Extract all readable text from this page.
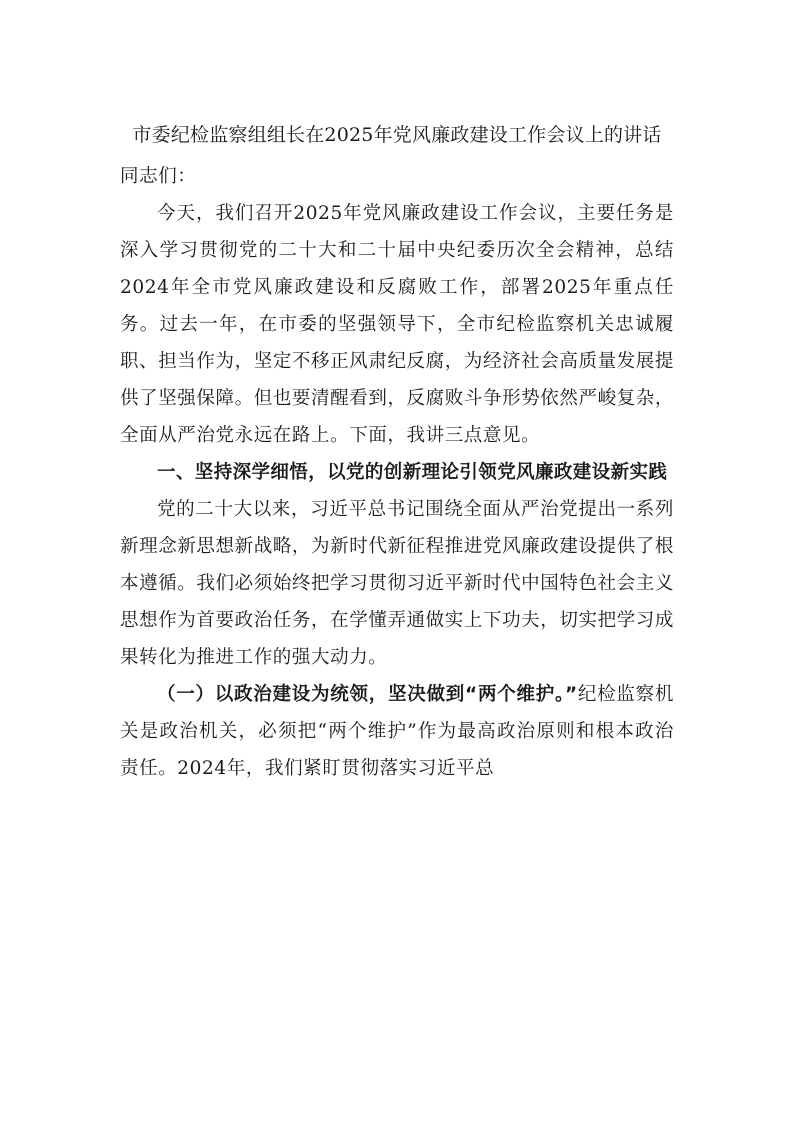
市委纪检监察组组长在2025年党风廉政建设工作会议上的讲话

同志们：

今天，我们召开2025年党风廉政建设工作会议，主要任务是深入学习贯彻党的二十大和二十届中央纪委历次全会精神，总结2024年全市党风廉政建设和反腐败工作，部署2025年重点任务。过去一年，在市委的坚强领导下，全市纪检监察机关忠诚履职、担当作为，坚定不移正风肃纪反腐，为经济社会高质量发展提供了坚强保障。但也要清醒看到，反腐败斗争形势依然严峻复杂，全面从严治党永远在路上。下面，我讲三点意见。

一、坚持深学细悟，以党的创新理论引领党风廉政建设新实践

党的二十大以来，习近平总书记围绕全面从严治党提出一系列新理念新思想新战略，为新时代新征程推进党风廉政建设提供了根本遵循。我们必须始终把学习贯彻习近平新时代中国特色社会主义思想作为首要政治任务，在学懂弄通做实上下功夫，切实把学习成果转化为推进工作的强大动力。

（一）以政治建设为统领，坚决做到“两个维护。”纪检监察机关是政治机关，必须把“两个维护”作为最高政治原则和根本政治责任。2024年，我们紧盯贯彻落实习近平总
